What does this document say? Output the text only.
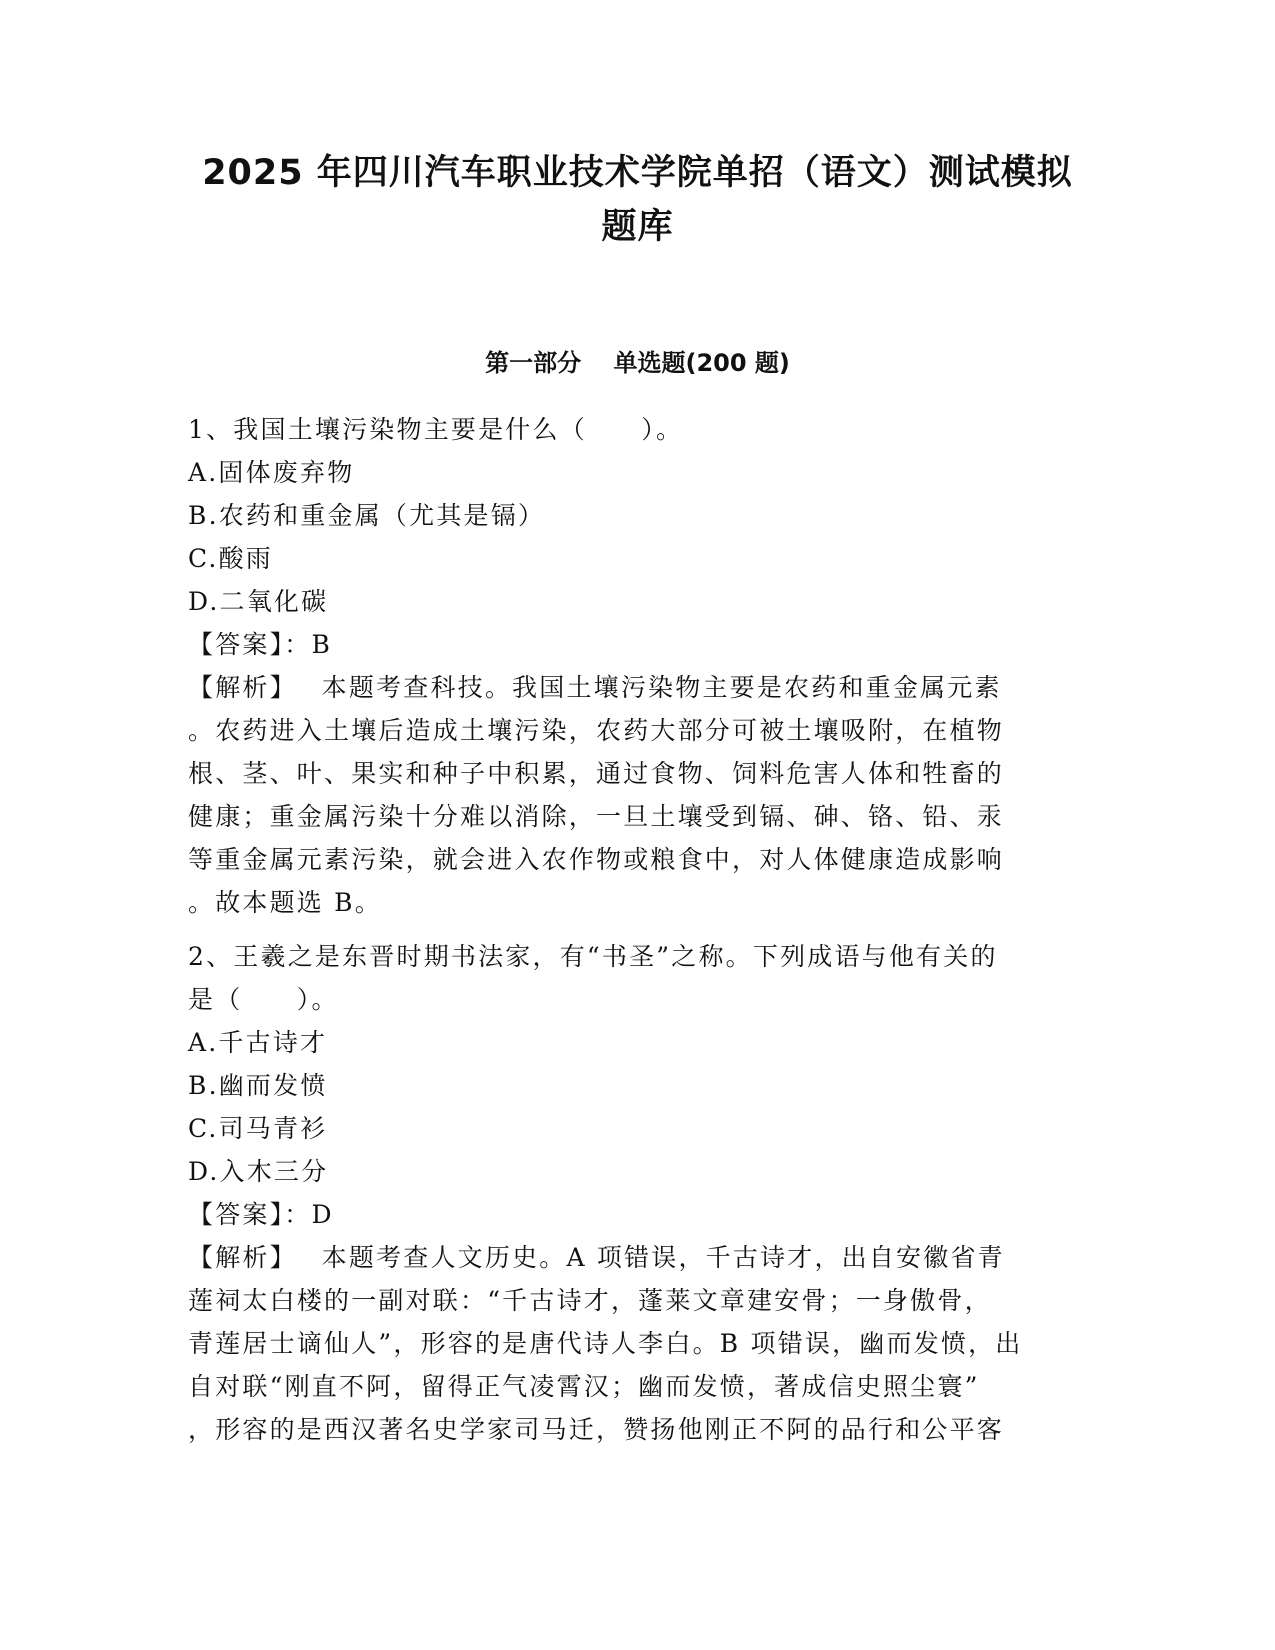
2025 年四川汽车职业技术学院单招（语文）测试模拟题库
第一部分　 单选题(200 题)
1、我国土壤污染物主要是什么（　　）。
A.固体废弃物
B.农药和重金属（尤其是镉）
C.酸雨
D.二氧化碳
【答案】：B
【解析】　 本题考查科技。我国土壤污染物主要是农药和重金属元素
。农药进入土壤后造成土壤污染，农药大部分可被土壤吸附，在植物
根、茎、叶、果实和种子中积累，通过食物、饲料危害人体和牲畜的
健康；重金属污染十分难以消除，一旦土壤受到镉、砷、铬、铅、汞
等重金属元素污染，就会进入农作物或粮食中，对人体健康造成影响
。故本题选 B。
2、王羲之是东晋时期书法家，有“书圣”之称。下列成语与他有关的
是（　　）。
A.千古诗才
B.幽而发愤
C.司马青衫
D.入木三分
【答案】：D
【解析】　 本题考查人文历史。A 项错误，千古诗才，出自安徽省青
莲祠太白楼的一副对联：“千古诗才，蓬莱文章建安骨；一身傲骨，
青莲居士谪仙人”，形容的是唐代诗人李白。B 项错误，幽而发愤，出
自对联“刚直不阿，留得正气凌霄汉；幽而发愤，著成信史照尘寰”
，形容的是西汉著名史学家司马迁，赞扬他刚正不阿的品行和公平客
